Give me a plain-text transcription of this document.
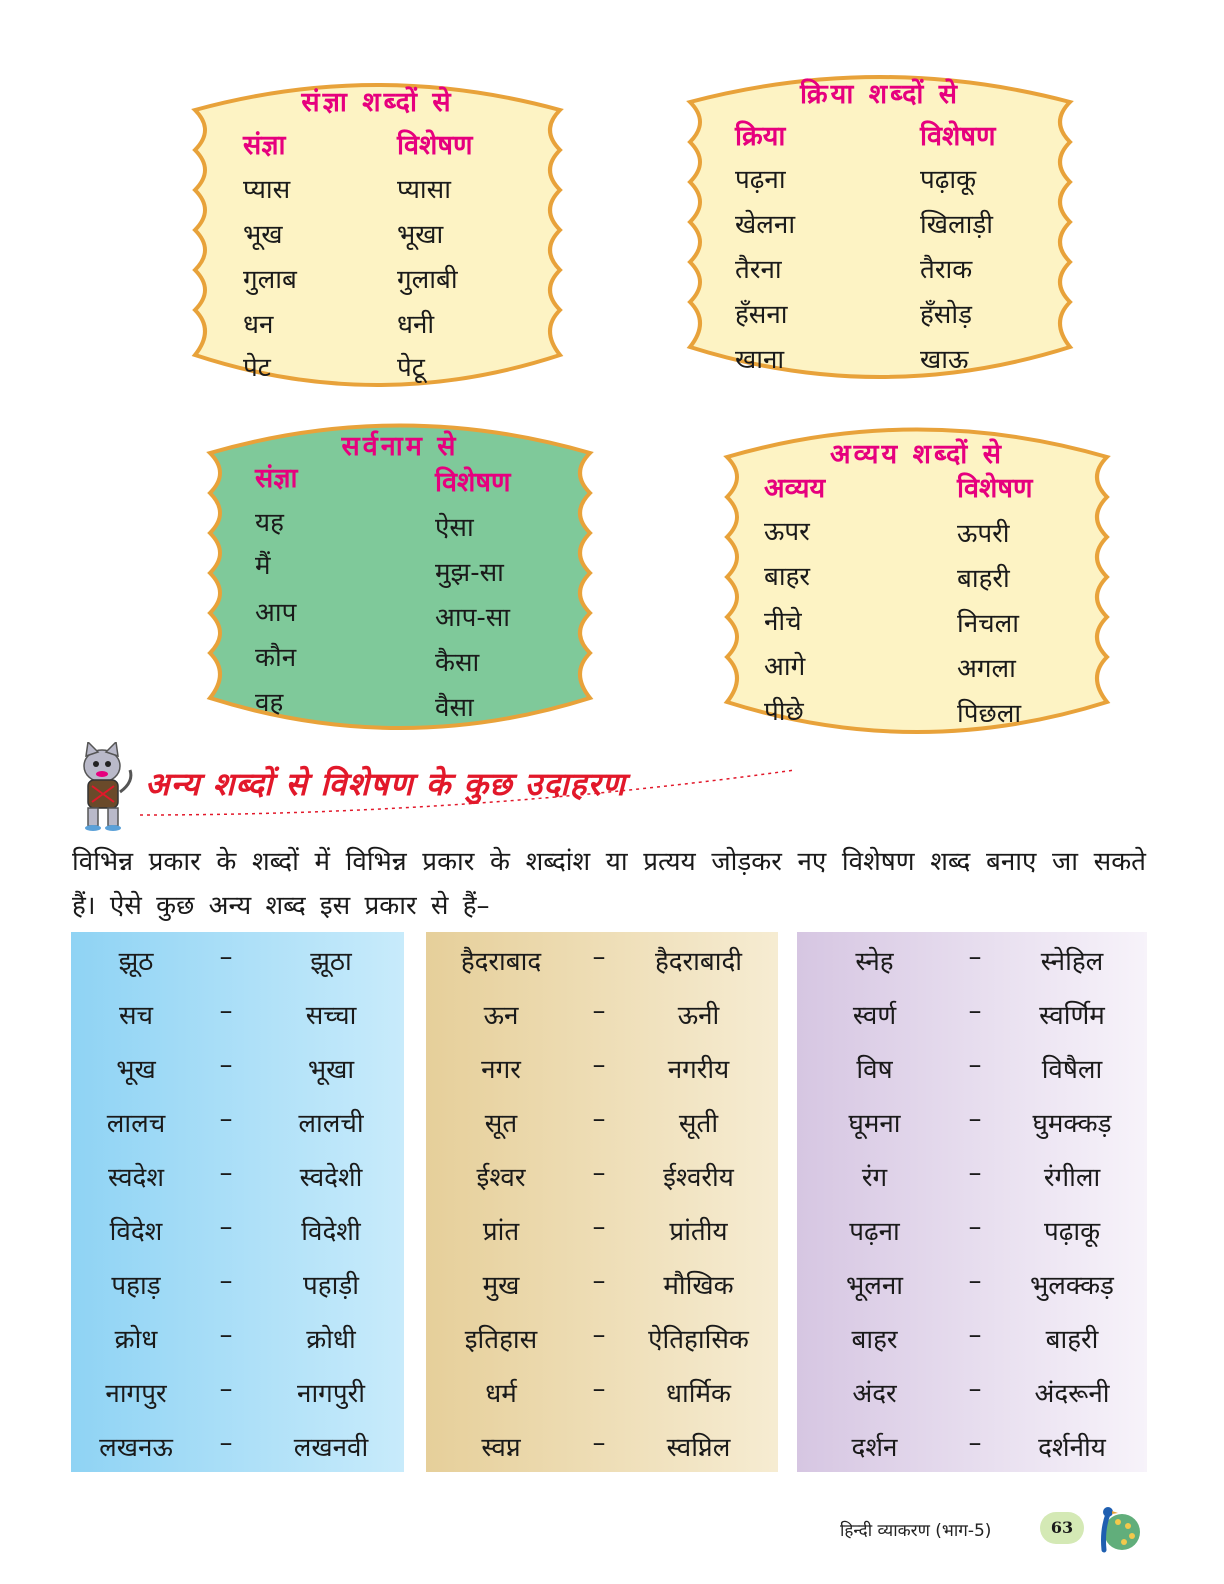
संज्ञा शब्दों से
संज्ञा	विशेषण
प्यास	प्यासा
भूख	भूखा
गुलाब	गुलाबी
धन	धनी
पेट	पेटू
क्रिया शब्दों से
क्रिया	विशेषण
पढ़ना	पढ़ाकू
खेलना	खिलाड़ी
तैरना	तैराक
हँसना	हँसोड़
खाना	खाऊ
सर्वनाम से
संज्ञा	विशेषण
यह	ऐसा
मैं	मुझ-सा
आप	आप-सा
कौन	कैसा
वह	वैसा
अव्यय शब्दों से
अव्यय	विशेषण
ऊपर	ऊपरी
बाहर	बाहरी
नीचे	निचला
आगे	अगला
पीछे	पिछला
अन्य शब्दों से विशेषण के कुछ उदाहरण
विभिन्न प्रकार के शब्दों में विभिन्न प्रकार के शब्दांश या प्रत्यय जोड़कर नए विशेषण शब्द बनाए जा सकते हैं। ऐसे कुछ अन्य शब्द इस प्रकार से हैं–
झूठ	–	झूठा
सच	–	सच्चा
भूख	–	भूखा
लालच	–	लालची
स्वदेश	–	स्वदेशी
विदेश	–	विदेशी
पहाड़	–	पहाड़ी
क्रोध	–	क्रोधी
नागपुर	–	नागपुरी
लखनऊ	–	लखनवी
हैदराबाद	–	हैदराबादी
ऊन	–	ऊनी
नगर	–	नगरीय
सूत	–	सूती
ईश्वर	–	ईश्वरीय
प्रांत	–	प्रांतीय
मुख	–	मौखिक
इतिहास	–	ऐतिहासिक
धर्म	–	धार्मिक
स्वप्न	–	स्वप्निल
स्नेह	–	स्नेहिल
स्वर्ण	–	स्वर्णिम
विष	–	विषैला
घूमना	–	घुमक्कड़
रंग	–	रंगीला
पढ़ना	–	पढ़ाकू
भूलना	–	भुलक्कड़
बाहर	–	बाहरी
अंदर	–	अंदरूनी
दर्शन	–	दर्शनीय
हिन्दी व्याकरण (भाग-5)	63
